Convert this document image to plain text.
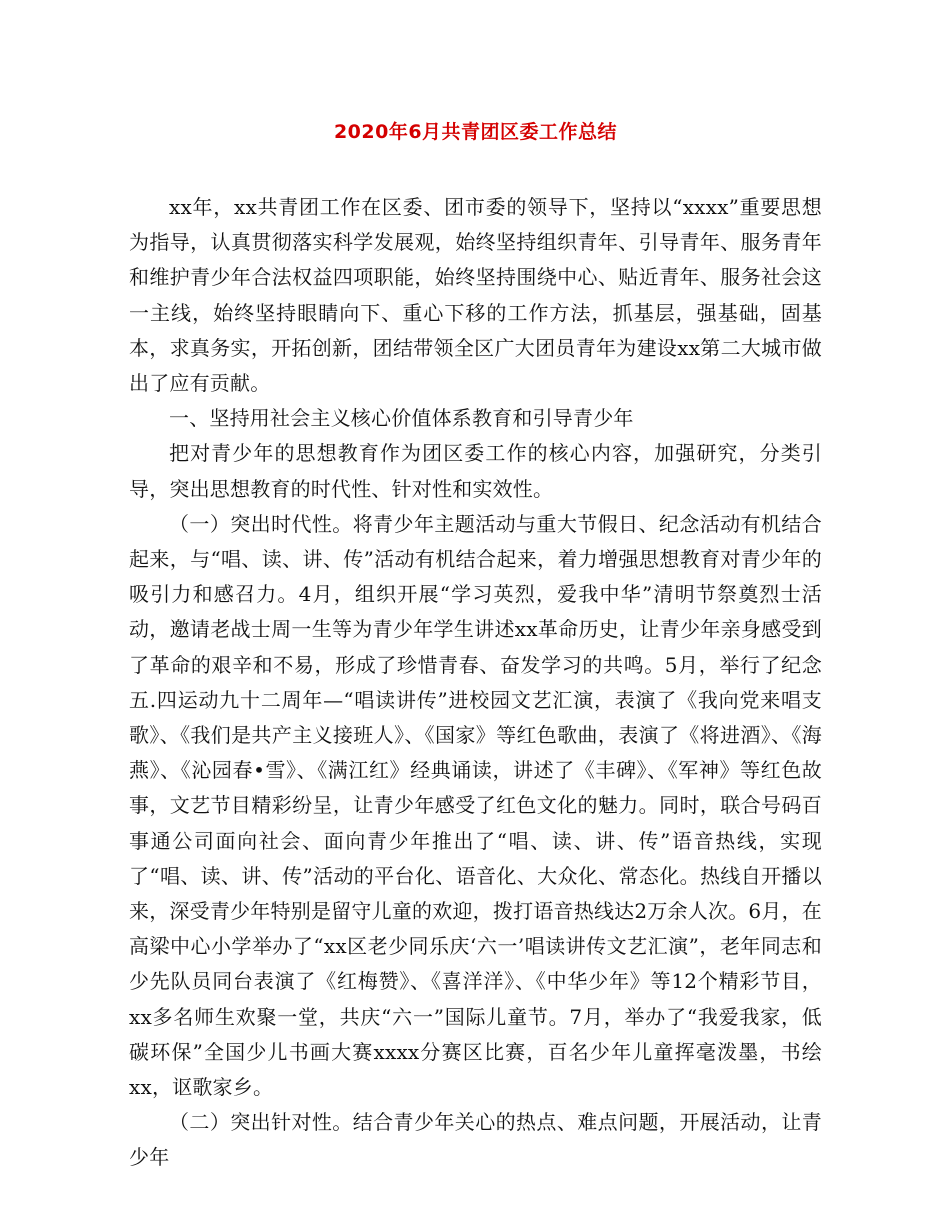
2020年6月共青团区委工作总结

xx年，xx共青团工作在区委、团市委的领导下，坚持以“xxxx”重要思想为指导，认真贯彻落实科学发展观，始终坚持组织青年、引导青年、服务青年和维护青少年合法权益四项职能，始终坚持围绕中心、贴近青年、服务社会这一主线，始终坚持眼睛向下、重心下移的工作方法，抓基层，强基础，固基本，求真务实，开拓创新，团结带领全区广大团员青年为建设xx第二大城市做出了应有贡献。

一、坚持用社会主义核心价值体系教育和引导青少年

把对青少年的思想教育作为团区委工作的核心内容，加强研究，分类引导，突出思想教育的时代性、针对性和实效性。

（一）突出时代性。将青少年主题活动与重大节假日、纪念活动有机结合起来，与“唱、读、讲、传”活动有机结合起来，着力增强思想教育对青少年的吸引力和感召力。4月，组织开展“学习英烈，爱我中华”清明节祭奠烈士活动，邀请老战士周一生等为青少年学生讲述xx革命历史，让青少年亲身感受到了革命的艰辛和不易，形成了珍惜青春、奋发学习的共鸣。5月，举行了纪念五.四运动九十二周年—“唱读讲传”进校园文艺汇演，表演了《我向党来唱支歌》、《我们是共产主义接班人》、《国家》等红色歌曲，表演了《将进酒》、《海燕》、《沁园春•雪》、《满江红》经典诵读，讲述了《丰碑》、《军神》等红色故事，文艺节目精彩纷呈，让青少年感受了红色文化的魅力。同时，联合号码百事通公司面向社会、面向青少年推出了“唱、读、讲、传”语音热线，实现了“唱、读、讲、传”活动的平台化、语音化、大众化、常态化。热线自开播以来，深受青少年特别是留守儿童的欢迎，拨打语音热线达2万余人次。6月，在高梁中心小学举办了“xx区老少同乐庆‘六一’唱读讲传文艺汇演”，老年同志和少先队员同台表演了《红梅赞》、《喜洋洋》、《中华少年》等12个精彩节目，xx多名师生欢聚一堂，共庆“六一”国际儿童节。7月，举办了“我爱我家，低碳环保”全国少儿书画大赛xxxx分赛区比赛，百名少年儿童挥毫泼墨，书绘xx，讴歌家乡。

（二）突出针对性。结合青少年关心的热点、难点问题，开展活动，让青少年
